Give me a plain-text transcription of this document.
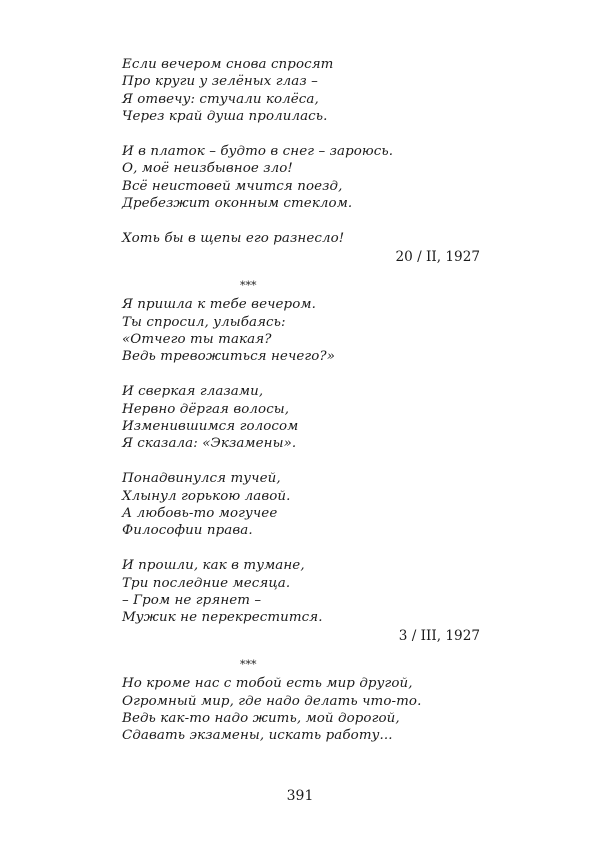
Если вечером снова спросят
Про круги у зелёных глаз –
Я отвечу: стучали колёса,
Через край душа пролилась.
И в платок – будто в снег – зароюсь.
О, моё неизбывное зло!
Всё неистовей мчится поезд,
Дребезжит оконным стеклом.
Хоть бы в щепы его разнесло!
20 / II, 1927
***
Я пришла к тебе вечером.
Ты спросил, улыбаясь:
«Отчего ты такая?
Ведь тревожиться нечего?»
И сверкая глазами,
Нервно дёргая волосы,
Изменившимся голосом
Я сказала: «Экзамены».
Понадвинулся тучей,
Хлынул горькою лавой.
А любовь-то могучее
Философии права.
И прошли, как в тумане,
Три последние месяца.
– Гром не грянет –
Мужик не перекрестится.
3 / III, 1927
***
Но кроме нас с тобой есть мир другой,
Огромный мир, где надо делать что-то.
Ведь как-то надо жить, мой дорогой,
Сдавать экзамены, искать работу...
391
